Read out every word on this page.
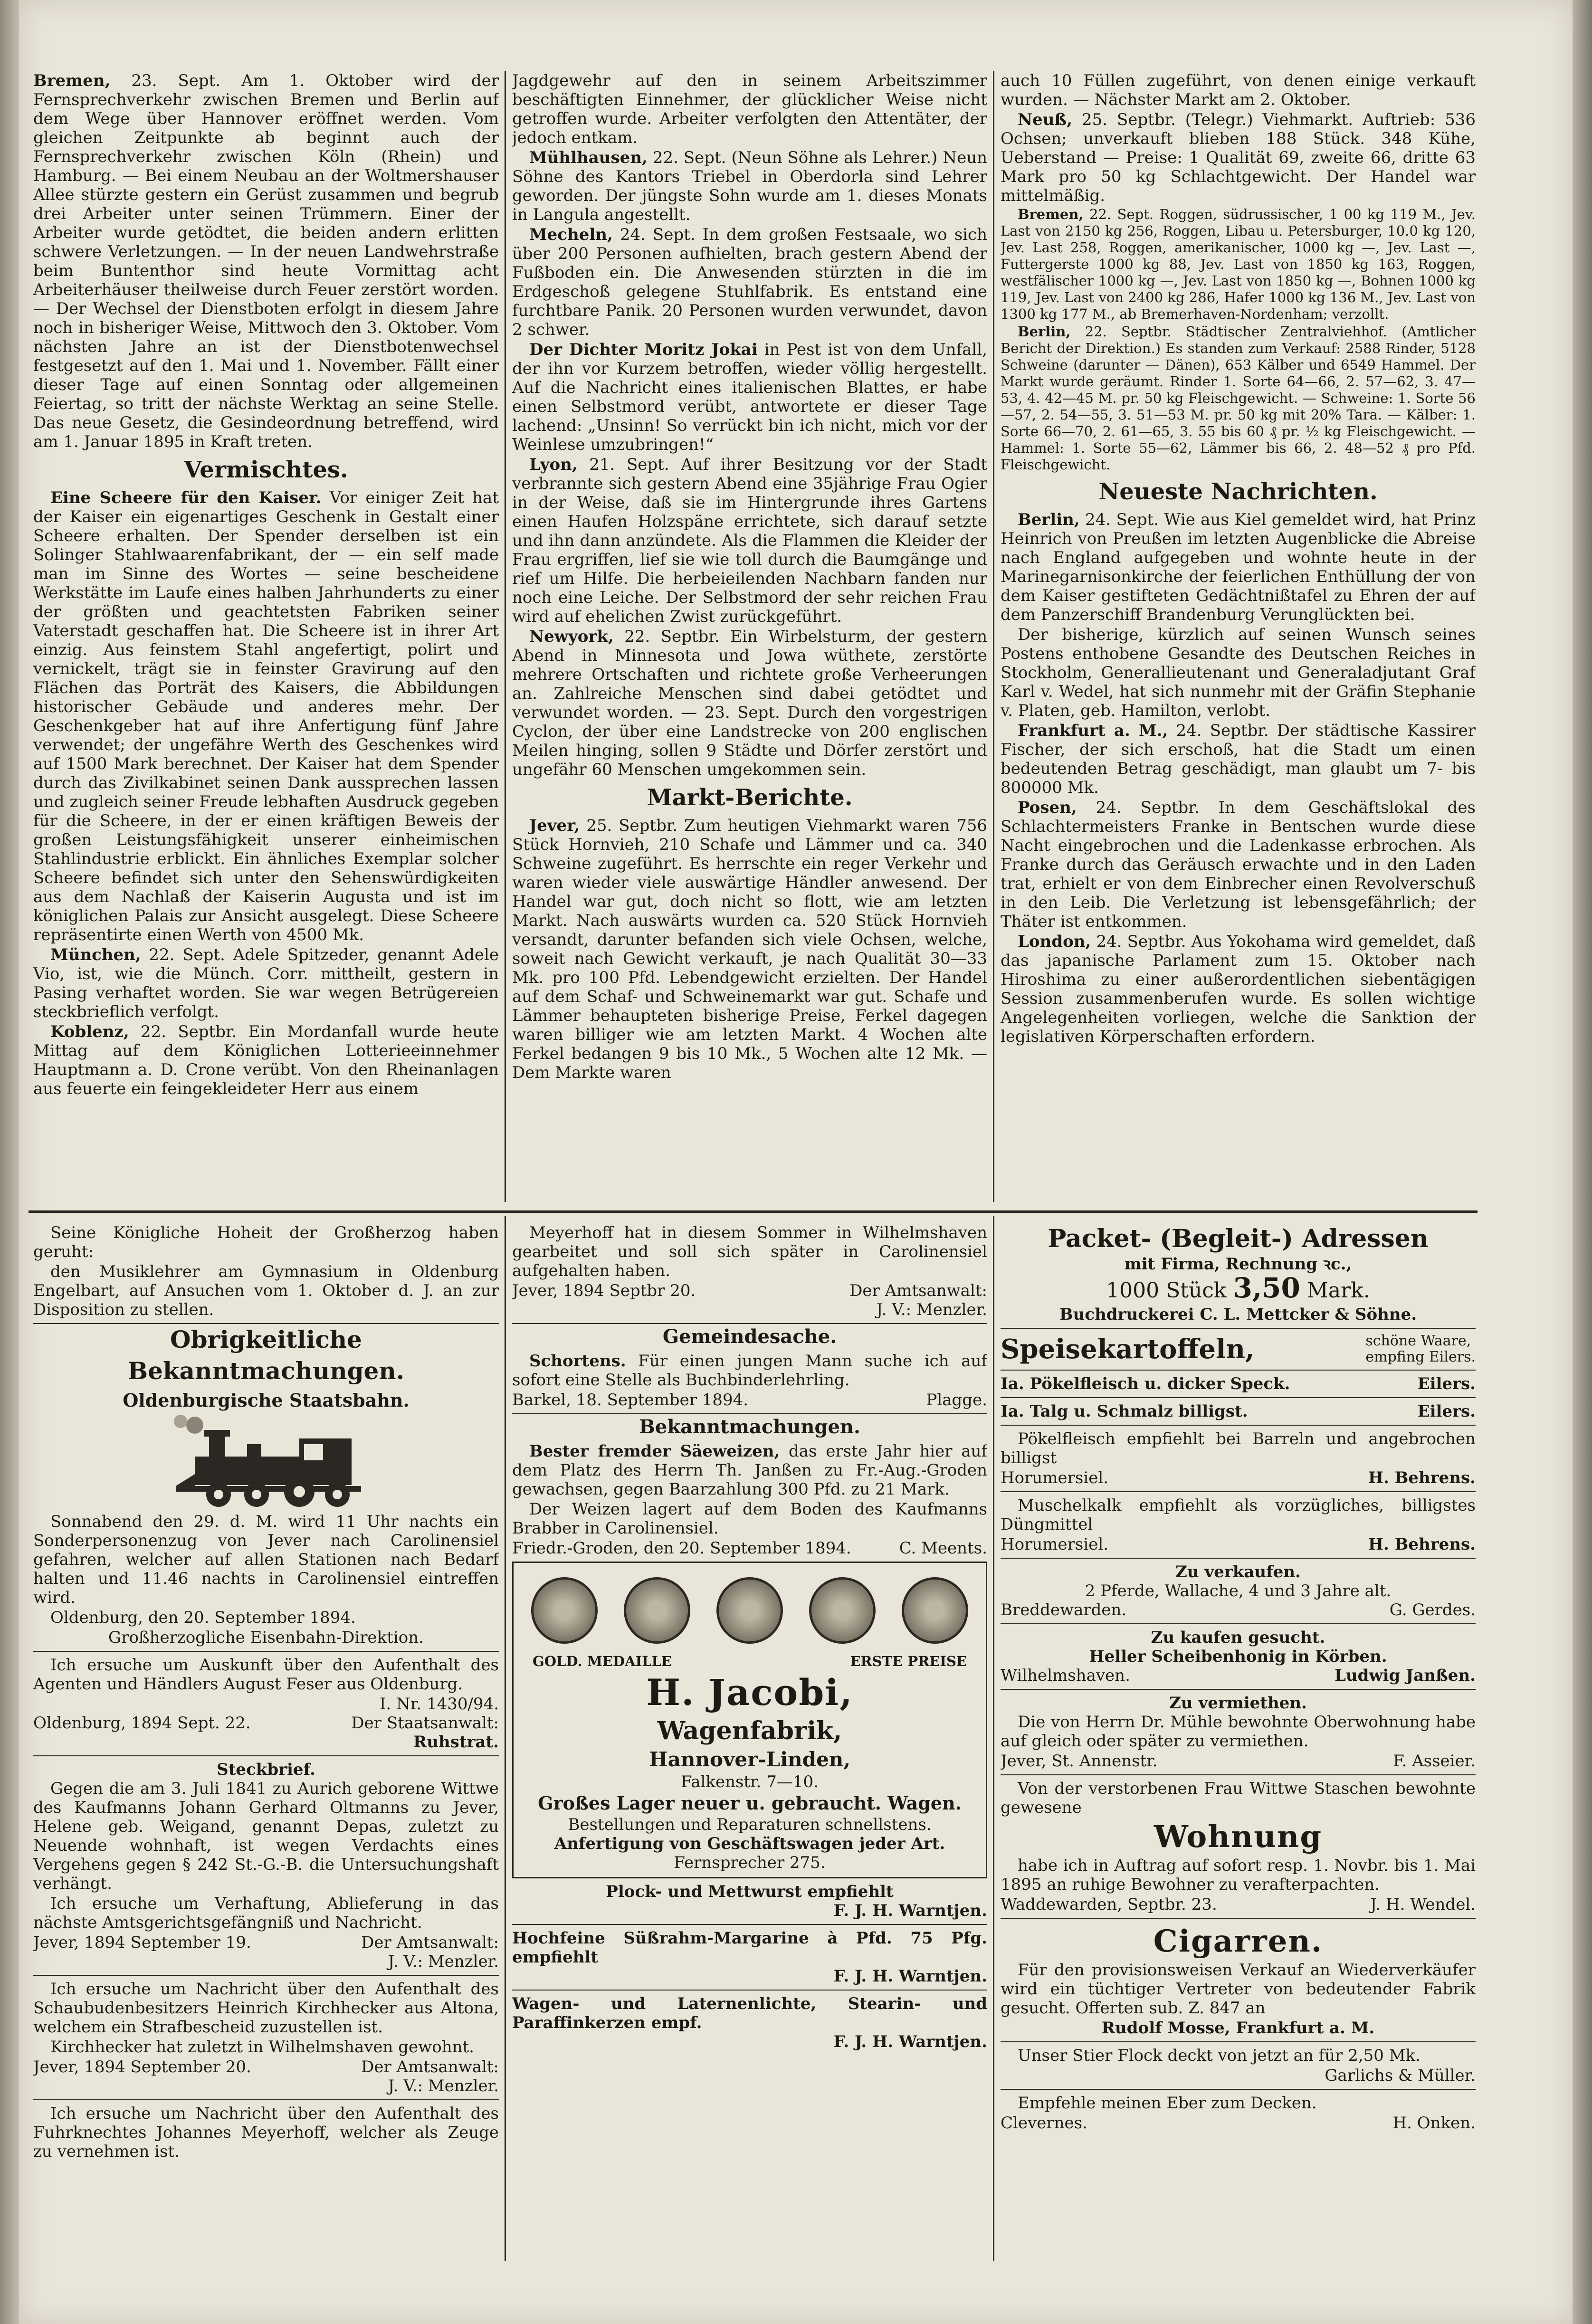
Bremen, 23. Sept. Am 1. Oktober wird der Fernsprechverkehr zwischen Bremen und Berlin auf dem Wege über Hannover eröffnet werden. Vom gleichen Zeitpunkte ab beginnt auch der Fernsprechverkehr zwischen Köln (Rhein) und Hamburg. — Bei einem Neubau an der Woltmershauser Allee stürzte gestern ein Gerüst zusammen und begrub drei Arbeiter unter seinen Trümmern. Einer der Arbeiter wurde getödtet, die beiden andern erlitten schwere Verletzungen. — In der neuen Landwehrstraße beim Buntenthor sind heute Vormittag acht Arbeiterhäuser theilweise durch Feuer zerstört worden. — Der Wechsel der Dienstboten erfolgt in diesem Jahre noch in bisheriger Weise, Mittwoch den 3. Oktober. Vom nächsten Jahre an ist der Dienstbotenwechsel festgesetzt auf den 1. Mai und 1. November. Fällt einer dieser Tage auf einen Sonntag oder allgemeinen Feiertag, so tritt der nächste Werktag an seine Stelle. Das neue Gesetz, die Gesindeordnung betreffend, wird am 1. Januar 1895 in Kraft treten.

Vermischtes.

Eine Scheere für den Kaiser. Vor einiger Zeit hat der Kaiser ein eigenartiges Geschenk in Gestalt einer Scheere erhalten. Der Spender derselben ist ein Solinger Stahlwaarenfabrikant, der — ein self made man im Sinne des Wortes — seine bescheidene Werkstätte im Laufe eines halben Jahrhunderts zu einer der größten und geachtetsten Fabriken seiner Vaterstadt geschaffen hat. Die Scheere ist in ihrer Art einzig. Aus feinstem Stahl angefertigt, polirt und vernickelt, trägt sie in feinster Gravirung auf den Flächen das Porträt des Kaisers, die Abbildungen historischer Gebäude und anderes mehr. Der Geschenkgeber hat auf ihre Anfertigung fünf Jahre verwendet; der ungefähre Werth des Geschenkes wird auf 1500 Mark berechnet. Der Kaiser hat dem Spender durch das Zivilkabinet seinen Dank aussprechen lassen und zugleich seiner Freude lebhaften Ausdruck gegeben für die Scheere, in der er einen kräftigen Beweis der großen Leistungsfähigkeit unserer einheimischen Stahlindustrie erblickt. Ein ähnliches Exemplar solcher Scheere befindet sich unter den Sehenswürdigkeiten aus dem Nachlaß der Kaiserin Augusta und ist im königlichen Palais zur Ansicht ausgelegt. Diese Scheere repräsentirte einen Werth von 4500 Mk.

München, 22. Sept. Adele Spitzeder, genannt Adele Vio, ist, wie die Münch. Corr. mittheilt, gestern in Pasing verhaftet worden. Sie war wegen Betrügereien steckbrieflich verfolgt.

Koblenz, 22. Septbr. Ein Mordanfall wurde heute Mittag auf dem Königlichen Lotterieeinnehmer Hauptmann a. D. Crone verübt. Von den Rheinanlagen aus feuerte ein feingekleideter Herr aus einem

Jagdgewehr auf den in seinem Arbeitszimmer beschäftigten Einnehmer, der glücklicher Weise nicht getroffen wurde. Arbeiter verfolgten den Attentäter, der jedoch entkam.

Mühlhausen, 22. Sept. (Neun Söhne als Lehrer.) Neun Söhne des Kantors Triebel in Oberdorla sind Lehrer geworden. Der jüngste Sohn wurde am 1. dieses Monats in Langula angestellt.

Mecheln, 24. Sept. In dem großen Festsaale, wo sich über 200 Personen aufhielten, brach gestern Abend der Fußboden ein. Die Anwesenden stürzten in die im Erdgeschoß gelegene Stuhlfabrik. Es entstand eine furchtbare Panik. 20 Personen wurden verwundet, davon 2 schwer.

Der Dichter Moritz Jokai in Pest ist von dem Unfall, der ihn vor Kurzem betroffen, wieder völlig hergestellt. Auf die Nachricht eines italienischen Blattes, er habe einen Selbstmord verübt, antwortete er dieser Tage lachend: „Unsinn! So verrückt bin ich nicht, mich vor der Weinlese umzubringen!“

Lyon, 21. Sept. Auf ihrer Besitzung vor der Stadt verbrannte sich gestern Abend eine 35jährige Frau Ogier in der Weise, daß sie im Hintergrunde ihres Gartens einen Haufen Holzspäne errichtete, sich darauf setzte und ihn dann anzündete. Als die Flammen die Kleider der Frau ergriffen, lief sie wie toll durch die Baumgänge und rief um Hilfe. Die herbeieilenden Nachbarn fanden nur noch eine Leiche. Der Selbstmord der sehr reichen Frau wird auf ehelichen Zwist zurückgeführt.

Newyork, 22. Septbr. Ein Wirbelsturm, der gestern Abend in Minnesota und Jowa wüthete, zerstörte mehrere Ortschaften und richtete große Verheerungen an. Zahlreiche Menschen sind dabei getödtet und verwundet worden. — 23. Sept. Durch den vorgestrigen Cyclon, der über eine Landstrecke von 200 englischen Meilen hinging, sollen 9 Städte und Dörfer zerstört und ungefähr 60 Menschen umgekommen sein.

Markt-Berichte.

Jever, 25. Septbr. Zum heutigen Viehmarkt waren 756 Stück Hornvieh, 210 Schafe und Lämmer und ca. 340 Schweine zugeführt. Es herrschte ein reger Verkehr und waren wieder viele auswärtige Händler anwesend. Der Handel war gut, doch nicht so flott, wie am letzten Markt. Nach auswärts wurden ca. 520 Stück Hornvieh versandt, darunter befanden sich viele Ochsen, welche, soweit nach Gewicht verkauft, je nach Qualität 30—33 Mk. pro 100 Pfd. Lebendgewicht erzielten. Der Handel auf dem Schaf- und Schweinemarkt war gut. Schafe und Lämmer behaupteten bisherige Preise, Ferkel dagegen waren billiger wie am letzten Markt. 4 Wochen alte Ferkel bedangen 9 bis 10 Mk., 5 Wochen alte 12 Mk. — Dem Markte waren

auch 10 Füllen zugeführt, von denen einige verkauft wurden. — Nächster Markt am 2. Oktober.

Neuß, 25. Septbr. (Telegr.) Viehmarkt. Auftrieb: 536 Ochsen; unverkauft blieben 188 Stück. 348 Kühe, Ueberstand — Preise: 1 Qualität 69, zweite 66, dritte 63 Mark pro 50 kg Schlachtgewicht. Der Handel war mittelmäßig.

Bremen, 22. Sept. Roggen, südrussischer, 1 00 kg 119 M., Jev. Last von 2150 kg 256, Roggen, Libau u. Petersburger, 10.0 kg 120, Jev. Last 258, Roggen, amerikanischer, 1000 kg —, Jev. Last —, Futtergerste 1000 kg 88, Jev. Last von 1850 kg 163, Roggen, westfälischer 1000 kg —, Jev. Last von 1850 kg —, Bohnen 1000 kg 119, Jev. Last von 2400 kg 286, Hafer 1000 kg 136 M., Jev. Last von 1300 kg 177 M., ab Bremerhaven-Nordenham; verzollt.

Berlin, 22. Septbr. Städtischer Zentralviehhof. (Amtlicher Bericht der Direktion.) Es standen zum Verkauf: 2588 Rinder, 5128 Schweine (darunter — Dänen), 653 Kälber und 6549 Hammel. Der Markt wurde geräumt. Rinder 1. Sorte 64—66, 2. 57—62, 3. 47—53, 4. 42—45 M. pr. 50 kg Fleischgewicht. — Schweine: 1. Sorte 56—57, 2. 54—55, 3. 51—53 M. pr. 50 kg mit 20% Tara. — Kälber: 1. Sorte 66—70, 2. 61—65, 3. 55 bis 60 ₰ pr. ½ kg Fleischgewicht. — Hammel: 1. Sorte 55—62, Lämmer bis 66, 2. 48—52 ₰ pro Pfd. Fleischgewicht.

Neueste Nachrichten.

Berlin, 24. Sept. Wie aus Kiel gemeldet wird, hat Prinz Heinrich von Preußen im letzten Augenblicke die Abreise nach England aufgegeben und wohnte heute in der Marinegarnisonkirche der feierlichen Enthüllung der von dem Kaiser gestifteten Gedächtnißtafel zu Ehren der auf dem Panzerschiff Brandenburg Verunglückten bei.

Der bisherige, kürzlich auf seinen Wunsch seines Postens enthobene Gesandte des Deutschen Reiches in Stockholm, Generallieutenant und Generaladjutant Graf Karl v. Wedel, hat sich nunmehr mit der Gräfin Stephanie v. Platen, geb. Hamilton, verlobt.

Frankfurt a. M., 24. Septbr. Der städtische Kassirer Fischer, der sich erschoß, hat die Stadt um einen bedeutenden Betrag geschädigt, man glaubt um 7- bis 800000 Mk.

Posen, 24. Septbr. In dem Geschäftslokal des Schlachtermeisters Franke in Bentschen wurde diese Nacht eingebrochen und die Ladenkasse erbrochen. Als Franke durch das Geräusch erwachte und in den Laden trat, erhielt er von dem Einbrecher einen Revolverschuß in den Leib. Die Verletzung ist lebensgefährlich; der Thäter ist entkommen.

London, 24. Septbr. Aus Yokohama wird gemeldet, daß das japanische Parlament zum 15. Oktober nach Hiroshima zu einer außerordentlichen siebentägigen Session zusammenberufen wurde. Es sollen wichtige Angelegenheiten vorliegen, welche die Sanktion der legislativen Körperschaften erfordern.

Seine Königliche Hoheit der Großherzog haben geruht:

den Musiklehrer am Gymnasium in Oldenburg Engelbart, auf Ansuchen vom 1. Oktober d. J. an zur Disposition zu stellen.

Obrigkeitliche Bekanntmachungen.
Oldenburgische Staatsbahn.

Sonnabend den 29. d. M. wird 11 Uhr nachts ein Sonderpersonenzug von Jever nach Carolinensiel gefahren, welcher auf allen Stationen nach Bedarf halten und 11.46 nachts in Carolinensiel eintreffen wird.

Oldenburg, den 20. September 1894.

Großherzogliche Eisenbahn-Direktion.

Ich ersuche um Auskunft über den Aufenthalt des Agenten und Händlers August Feser aus Oldenburg.

I. Nr. 1430/94.
Oldenburg, 1894 Sept. 22.	Der Staatsanwalt:
Ruhstrat.
Steckbrief.

Gegen die am 3. Juli 1841 zu Aurich geborene Wittwe des Kaufmanns Johann Gerhard Oltmanns zu Jever, Helene geb. Weigand, genannt Depas, zuletzt zu Neuende wohnhaft, ist wegen Verdachts eines Vergehens gegen § 242 St.-G.-B. die Untersuchungshaft verhängt.

Ich ersuche um Verhaftung, Ablieferung in das nächste Amtsgerichtsgefängniß und Nachricht.

Jever, 1894 September 19.	Der Amtsanwalt:
J. V.: Menzler.

Ich ersuche um Nachricht über den Aufenthalt des Schaubudenbesitzers Heinrich Kirchhecker aus Altona, welchem ein Strafbescheid zuzustellen ist.

Kirchhecker hat zuletzt in Wilhelmshaven gewohnt.

Jever, 1894 September 20.	Der Amtsanwalt:
J. V.: Menzler.

Ich ersuche um Nachricht über den Aufenthalt des Fuhrknechtes Johannes Meyerhoff, welcher als Zeuge zu vernehmen ist.

Meyerhoff hat in diesem Sommer in Wilhelmshaven gearbeitet und soll sich später in Carolinensiel aufgehalten haben.

Jever, 1894 Septbr 20.	Der Amtsanwalt:
J. V.: Menzler.
Gemeindesache.

Schortens. Für einen jungen Mann suche ich auf sofort eine Stelle als Buchbinderlehrling.

Barkel, 18. September 1894.	Plagge.
Bekanntmachungen.

Bester fremder Säeweizen, das erste Jahr hier auf dem Platz des Herrn Th. Janßen zu Fr.-Aug.-Groden gewachsen, gegen Baarzahlung 300 Pfd. zu 21 Mark.

Der Weizen lagert auf dem Boden des Kaufmanns Brabber in Carolinensiel.

Friedr.-Groden, den 20. September 1894.	C. Meents.
GOLD. MEDAILLE	ERSTE PREISE
H. Jacobi,
Wagenfabrik,
Hannover-Linden,
Falkenstr. 7—10.
Großes Lager neuer u. gebraucht. Wagen.
Bestellungen und Reparaturen schnellstens.
Anfertigung von Geschäftswagen jeder Art.
Fernsprecher 275.
Plock- und Mettwurst empfiehlt
F. J. H. Warntjen.
Hochfeine Süßrahm-Margarine à Pfd. 75 Pfg. empfiehlt
F. J. H. Warntjen.
Wagen- und Laternenlichte, Stearin- und Paraffinkerzen empf.
F. J. H. Warntjen.
Packet- (Begleit-) Adressen
mit Firma, Rechnung ꝛc.,
1000 Stück 3,50 Mark.
Buchdruckerei C. L. Mettcker & Söhne.
Speisekartoffeln,	schöne Waare,
empfing Eilers.
Ia. Pökelfleisch u. dicker Speck.	Eilers.
Ia. Talg u. Schmalz billigst.	Eilers.

Pökelfleisch empfiehlt bei Barreln und angebrochen billigst

Horumersiel.	H. Behrens.

Muschelkalk empfiehlt als vorzügliches, billigstes Düngmittel

Horumersiel.	H. Behrens.
Zu verkaufen.
2 Pferde, Wallache, 4 und 3 Jahre alt.
Breddewarden.	G. Gerdes.
Zu kaufen gesucht.
Heller Scheibenhonig in Körben.
Wilhelmshaven.	Ludwig Janßen.
Zu vermiethen.

Die von Herrn Dr. Mühle bewohnte Oberwohnung habe auf gleich oder später zu vermiethen.

Jever, St. Annenstr.	F. Asseier.

Von der verstorbenen Frau Wittwe Staschen bewohnte gewesene

Wohnung

habe ich in Auftrag auf sofort resp. 1. Novbr. bis 1. Mai 1895 an ruhige Bewohner zu verafterpachten.

Waddewarden, Septbr. 23.	J. H. Wendel.
Cigarren.

Für den provisionsweisen Verkauf an Wiederverkäufer wird ein tüchtiger Vertreter von bedeutender Fabrik gesucht. Offerten sub. Z. 847 an

Rudolf Mosse, Frankfurt a. M.

Unser Stier Flock deckt von jetzt an für 2,50 Mk.

Garlichs & Müller.

Empfehle meinen Eber zum Decken.

Clevernes.	H. Onken.
